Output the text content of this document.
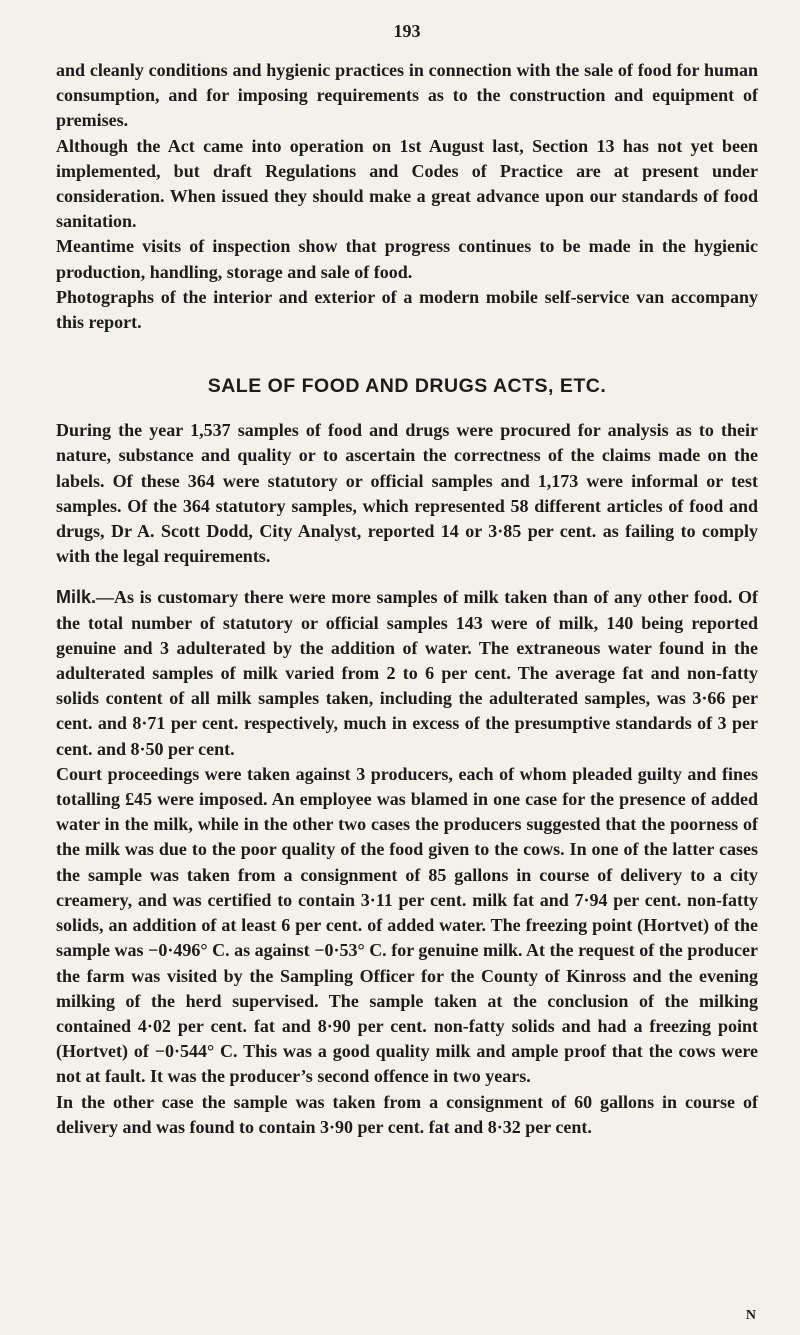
193

and cleanly conditions and hygienic practices in connection with the sale of food for human consumption, and for imposing requirements as to the construction and equipment of premises.

Although the Act came into operation on 1st August last, Section 13 has not yet been implemented, but draft Regulations and Codes of Practice are at present under consideration. When issued they should make a great advance upon our standards of food sanitation.

Meantime visits of inspection show that progress continues to be made in the hygienic production, handling, storage and sale of food.

Photographs of the interior and exterior of a modern mobile self-service van accompany this report.

SALE OF FOOD AND DRUGS ACTS, ETC.

During the year 1,537 samples of food and drugs were procured for analysis as to their nature, substance and quality or to ascertain the correctness of the claims made on the labels. Of these 364 were statutory or official samples and 1,173 were informal or test samples. Of the 364 statutory samples, which represented 58 different articles of food and drugs, Dr A. Scott Dodd, City Analyst, reported 14 or 3·85 per cent. as failing to comply with the legal requirements.

Milk.—As is customary there were more samples of milk taken than of any other food. Of the total number of statutory or official samples 143 were of milk, 140 being reported genuine and 3 adulterated by the addition of water. The extraneous water found in the adulterated samples of milk varied from 2 to 6 per cent. The average fat and non-fatty solids content of all milk samples taken, including the adulterated samples, was 3·66 per cent. and 8·71 per cent. respectively, much in excess of the presumptive standards of 3 per cent. and 8·50 per cent.

Court proceedings were taken against 3 producers, each of whom pleaded guilty and fines totalling £45 were imposed. An employee was blamed in one case for the presence of added water in the milk, while in the other two cases the producers suggested that the poorness of the milk was due to the poor quality of the food given to the cows. In one of the latter cases the sample was taken from a consignment of 85 gallons in course of delivery to a city creamery, and was certified to contain 3·11 per cent. milk fat and 7·94 per cent. non-fatty solids, an addition of at least 6 per cent. of added water. The freezing point (Hortvet) of the sample was −0·496° C. as against −0·53° C. for genuine milk. At the request of the producer the farm was visited by the Sampling Officer for the County of Kinross and the evening milking of the herd supervised. The sample taken at the conclusion of the milking contained 4·02 per cent. fat and 8·90 per cent. non-fatty solids and had a freezing point (Hortvet) of −0·544° C. This was a good quality milk and ample proof that the cows were not at fault. It was the producer’s second offence in two years.

In the other case the sample was taken from a consignment of 60 gallons in course of delivery and was found to contain 3·90 per cent. fat and 8·32 per cent.

N
